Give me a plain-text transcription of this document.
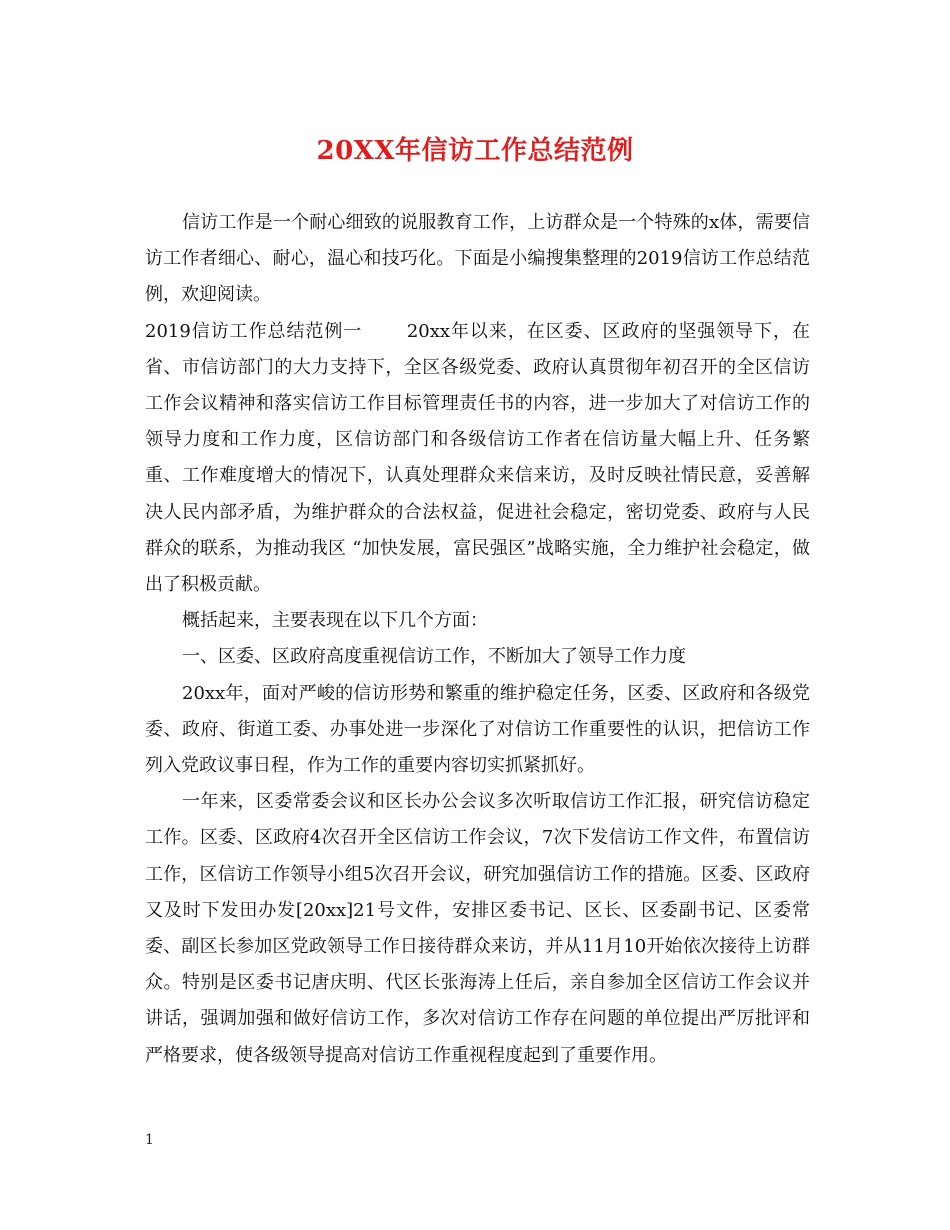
20XX年信访工作总结范例

信访工作是一个耐心细致的说服教育工作，上访群众是一个特殊的x体，需要信访工作者细心、耐心，温心和技巧化。下面是小编搜集整理的2019信访工作总结范例，欢迎阅读。

2019信访工作总结范例一　　 20xx年以来，在区委、区政府的坚强领导下，在省、市信访部门的大力支持下，全区各级党委、政府认真贯彻年初召开的全区信访工作会议精神和落实信访工作目标管理责任书的内容，进一步加大了对信访工作的领导力度和工作力度，区信访部门和各级信访工作者在信访量大幅上升、任务繁重、工作难度增大的情况下，认真处理群众来信来访，及时反映社情民意，妥善解决人民内部矛盾，为维护群众的合法权益，促进社会稳定，密切党委、政府与人民群众的联系，为推动我区 “加快发展，富民强区”战略实施，全力维护社会稳定，做出了积极贡献。

概括起来，主要表现在以下几个方面：

一、区委、区政府高度重视信访工作，不断加大了领导工作力度

20xx年，面对严峻的信访形势和繁重的维护稳定任务，区委、区政府和各级党委、政府、街道工委、办事处进一步深化了对信访工作重要性的认识，把信访工作列入党政议事日程，作为工作的重要内容切实抓紧抓好。

一年来，区委常委会议和区长办公会议多次听取信访工作汇报，研究信访稳定工作。区委、区政府4次召开全区信访工作会议，7次下发信访工作文件，布置信访工作，区信访工作领导小组5次召开会议，研究加强信访工作的措施。区委、区政府又及时下发田办发[20xx]21号文件，安排区委书记、区长、区委副书记、区委常委、副区长参加区党政领导工作日接待群众来访，并从11月10开始依次接待上访群众。特别是区委书记唐庆明、代区长张海涛上任后，亲自参加全区信访工作会议并讲话，强调加强和做好信访工作，多次对信访工作存在问题的单位提出严厉批评和严格要求，使各级领导提高对信访工作重视程度起到了重要作用。

1
